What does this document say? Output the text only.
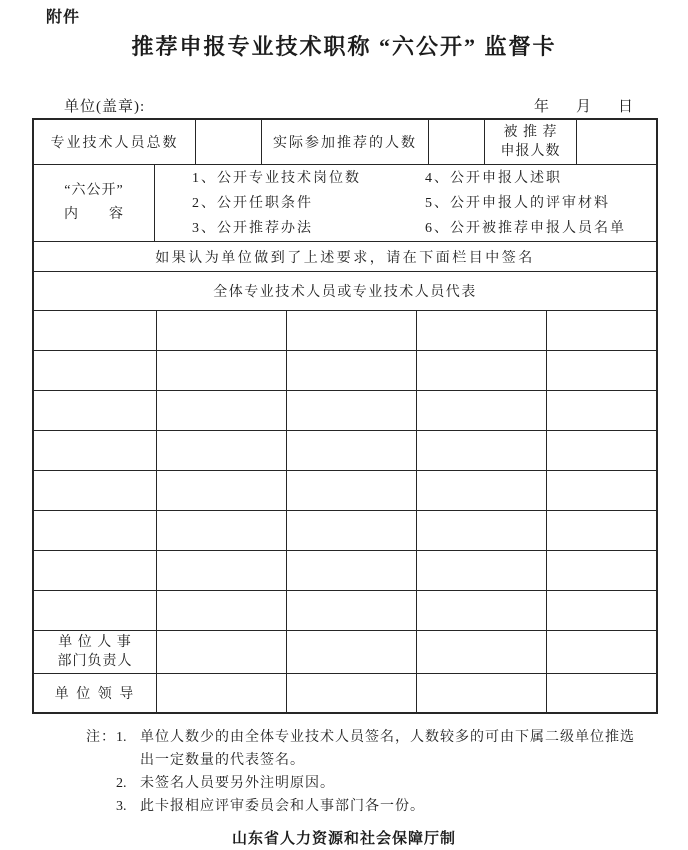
附件
推荐申报专业技术职称 “六公开” 监督卡
单位(盖章):	年　月　日
专业技术人员总数	实际参加推荐的人数
被 推 荐
申报人数
“六公开”
内　　容
1、公开专业技术岗位数
2、公开任职条件
3、公开推荐办法
4、公开申报人述职
5、公开申报人的评审材料
6、公开被推荐申报人员名单
如果认为单位做到了上述要求，请在下面栏目中签名
全体专业技术人员或专业技术人员代表
单 位 人 事
部门负责人
单 位 领 导
注： 1. 单位人数少的由全体专业技术人员签名，人数较多的可由下属二级单位推选出一定数量的代表签名。
2. 未签名人员要另外注明原因。
3. 此卡报相应评审委员会和人事部门各一份。
山东省人力资源和社会保障厅制
